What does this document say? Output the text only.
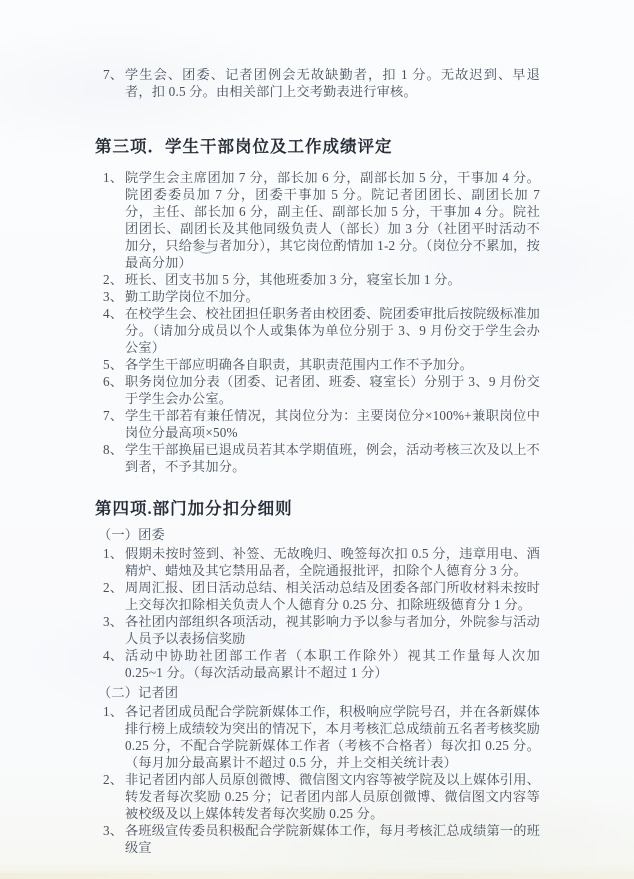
7、 学生会、团委、记者团例会无故缺勤者，扣 1 分。无故迟到、早退者，扣 0.5 分。由相关部门上交考勤表进行审核。
第三项．学生干部岗位及工作成绩评定
1、 院学生会主席团加 7 分，部长加 6 分，副部长加 5 分，干事加 4 分。院团委委员加 7 分，团委干事加 5 分。院记者团团长、副团长加 7 分，主任、部长加 6 分，副主任、副部长加 5 分，干事加 4 分。院社团团长、副团长及其他同级负责人（部长）加 3 分（社团平时活动不加分，只给参与者加分），其它岗位酌情加 1-2 分。（岗位分不累加，按最高分加）
2、 班长、团支书加 5 分，其他班委加 3 分，寝室长加 1 分。
3、 勤工助学岗位不加分。
4、 在校学生会、校社团担任职务者由校团委、院团委审批后按院级标准加分。（请加分成员以个人或集体为单位分别于 3、9 月份交于学生会办公室）
5、 各学生干部应明确各自职责，其职责范围内工作不予加分。
6、 职务岗位加分表（团委、记者团、班委、寝室长）分别于 3、9 月份交于学生会办公室。
7、 学生干部若有兼任情况，其岗位分为：主要岗位分×100%+兼职岗位中岗位分最高项×50%
8、 学生干部换届已退成员若其本学期值班，例会，活动考核三次及以上不到者，不予其加分。
第四项.部门加分扣分细则
（一）团委
1、 假期未按时签到、补签、无故晚归、晚签每次扣 0.5 分，违章用电、酒精炉、蜡烛及其它禁用品者，全院通报批评，扣除个人德育分 3 分。
2、 周周汇报、团日活动总结、相关活动总结及团委各部门所收材料未按时上交每次扣除相关负责人个人德育分 0.25 分、扣除班级德育分 1 分。
3、 各社团内部组织各项活动，视其影响力予以参与者加分，外院参与活动人员予以表扬信奖励
4、 活动中协助社团部工作者（本职工作除外）视其工作量每人次加 0.25~1 分。（每次活动最高累计不超过 1 分）
（二）记者团
1、 各记者团成员配合学院新媒体工作，积极响应学院号召，并在各新媒体排行榜上成绩较为突出的情况下，本月考核汇总成绩前五名者考核奖励 0.25 分，不配合学院新媒体工作者（考核不合格者）每次扣 0.25 分。（每月加分最高累计不超过 0.5 分，并上交相关统计表）
2、 非记者团内部人员原创微博、微信图文内容等被学院及以上媒体引用、转发者每次奖励 0.25 分；记者团内部人员原创微博、微信图文内容等被校级及以上媒体转发者每次奖励 0.25 分。
3、 各班级宣传委员积极配合学院新媒体工作，每月考核汇总成绩第一的班级宣
